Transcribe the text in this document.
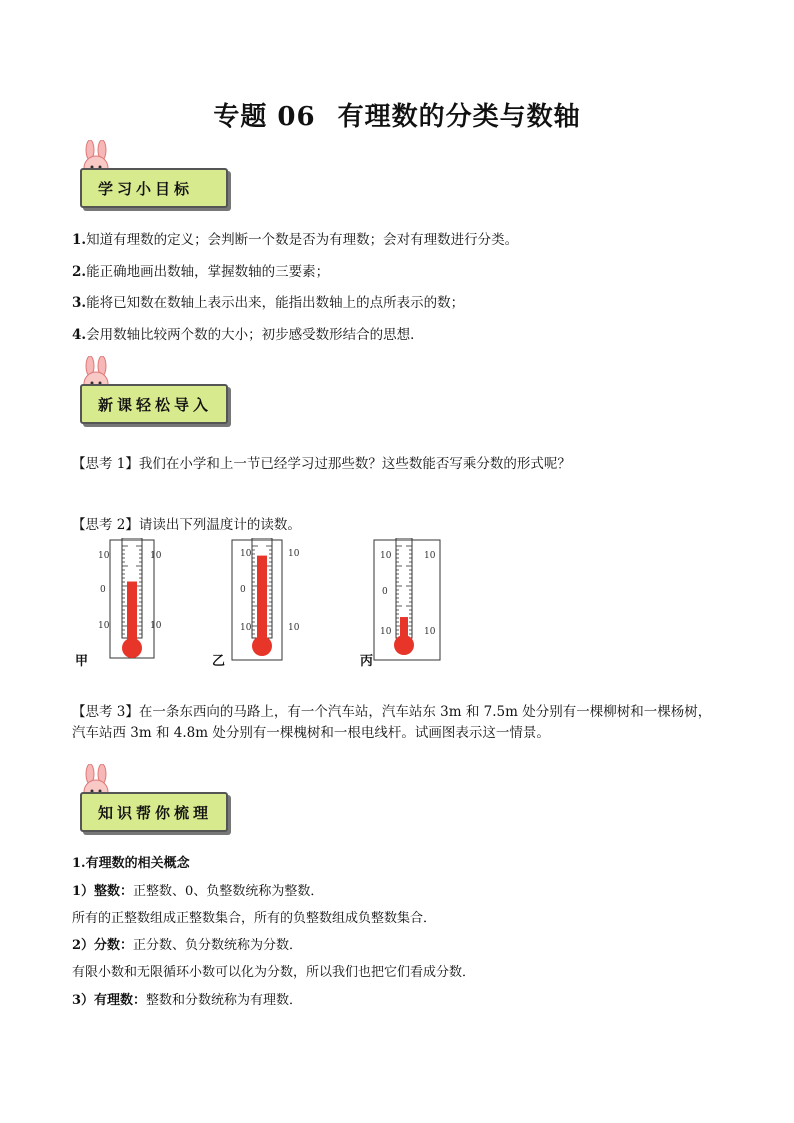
专题 06 有理数的分类与数轴
学习小目标
1.知道有理数的定义；会判断一个数是否为有理数；会对有理数进行分类。
2.能正确地画出数轴，掌握数轴的三要素；
3.能将已知数在数轴上表示出来，能指出数轴上的点所表示的数；
4.会用数轴比较两个数的大小；初步感受数形结合的思想．
新课轻松导入
【思考 1】我们在小学和上一节已经学习过那些数？这些数能否写乘分数的形式呢？
【思考 2】请读出下列温度计的读数。
10	10
0
10	10
甲
10	10
0
10	10
乙
10	10
0
10	10
丙
【思考 3】在一条东西向的马路上，有一个汽车站，汽车站东 3m 和 7.5m 处分别有一棵柳树和一棵杨树，
汽车站西 3m 和 4.8m 处分别有一棵槐树和一根电线杆。试画图表示这一情景。
知识帮你梳理
1.有理数的相关概念
1）整数：正整数、0、负整数统称为整数．
所有的正整数组成正整数集合，所有的负整数组成负整数集合．
2）分数：正分数、负分数统称为分数．
有限小数和无限循环小数可以化为分数，所以我们也把它们看成分数．
3）有理数：整数和分数统称为有理数．
